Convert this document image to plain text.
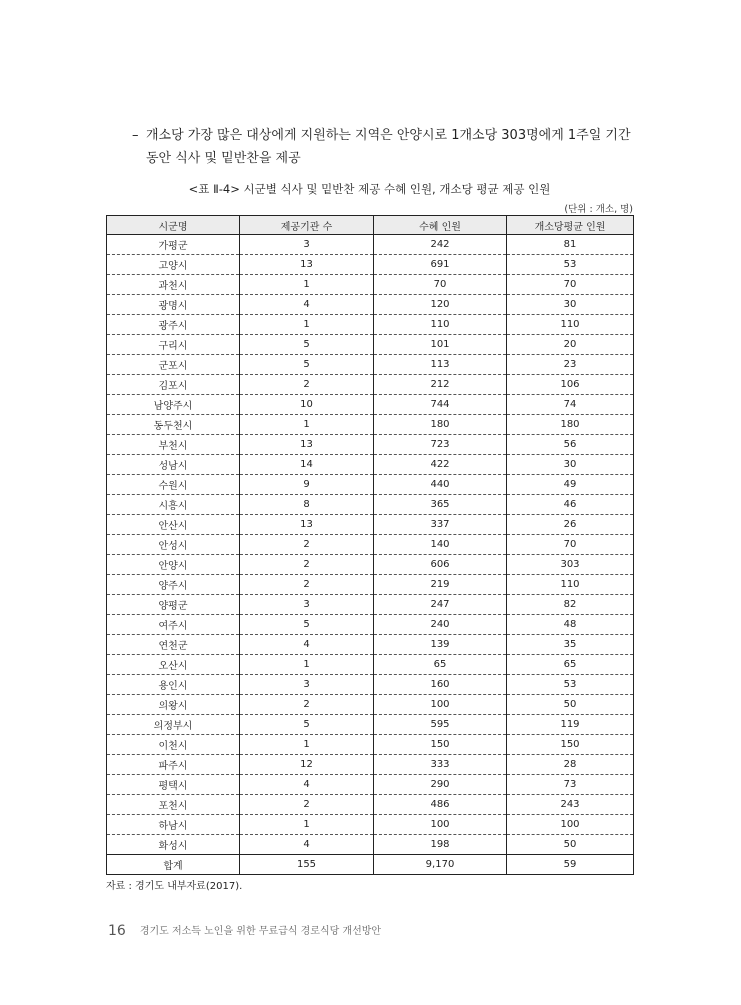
– 개소당 가장 많은 대상에게 지원하는 지역은 안양시로 1개소당 303명에게 1주일 기간
동안 식사 및 밑반찬을 제공
<표 Ⅱ-4> 시군별 식사 및 밑반찬 제공 수혜 인원, 개소당 평균 제공 인원
(단위 : 개소, 명)
시군명	제공기관 수	수혜 인원	개소당평균 인원
가평군	3	242	81
고양시	13	691	53
과천시	1	70	70
광명시	4	120	30
광주시	1	110	110
구리시	5	101	20
군포시	5	113	23
김포시	2	212	106
남양주시	10	744	74
동두천시	1	180	180
부천시	13	723	56
성남시	14	422	30
수원시	9	440	49
시흥시	8	365	46
안산시	13	337	26
안성시	2	140	70
안양시	2	606	303
양주시	2	219	110
양평군	3	247	82
여주시	5	240	48
연천군	4	139	35
오산시	1	65	65
용인시	3	160	53
의왕시	2	100	50
의정부시	5	595	119
이천시	1	150	150
파주시	12	333	28
평택시	4	290	73
포천시	2	486	243
하남시	1	100	100
화성시	4	198	50
합계	155	9,170	59
자료 : 경기도 내부자료(2017).
16 경기도 저소득 노인을 위한 무료급식 경로식당 개선방안
